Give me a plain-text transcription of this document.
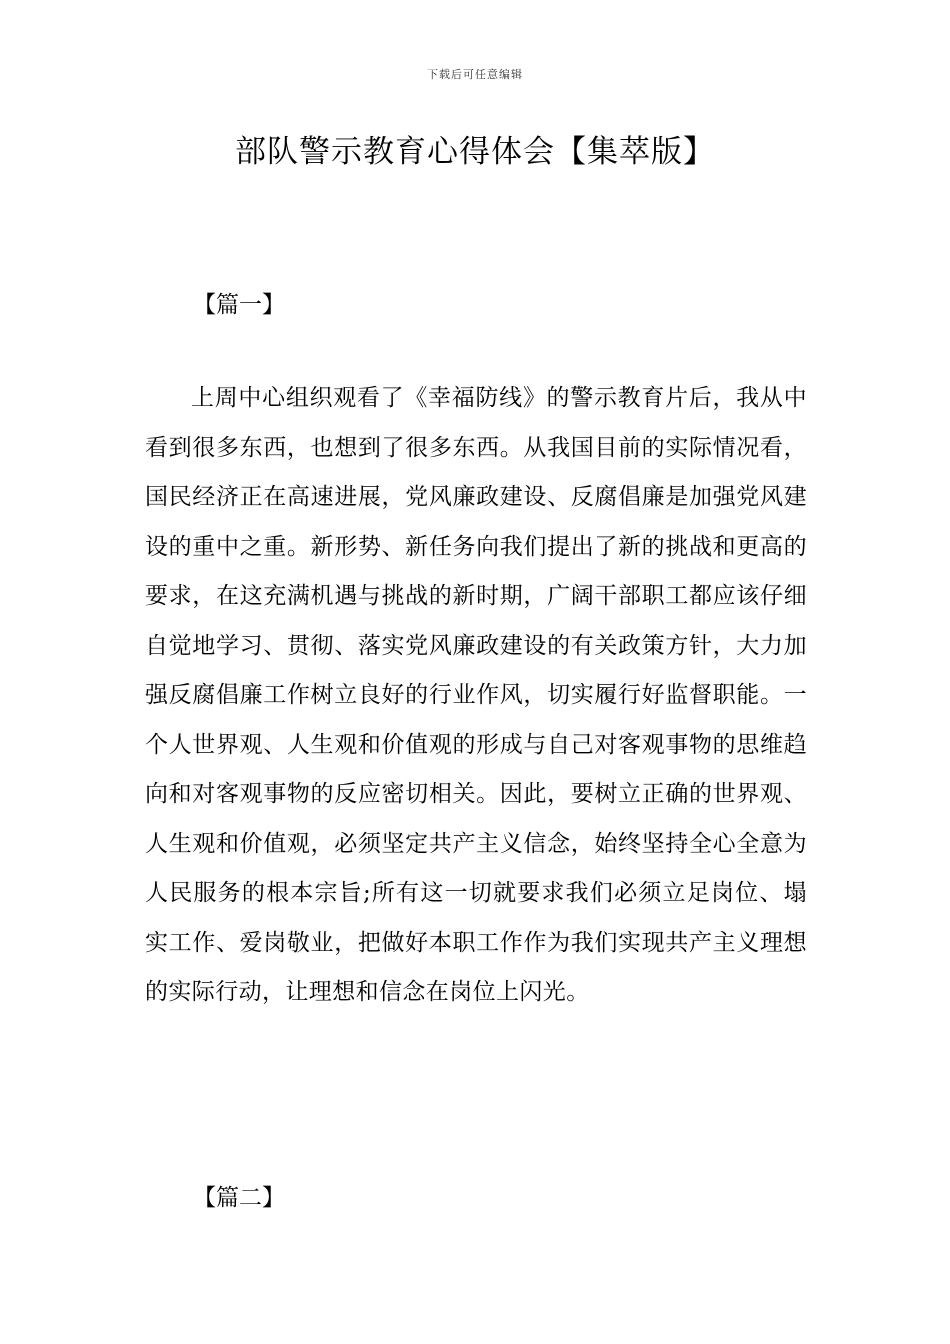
下载后可任意编辑
部队警示教育心得体会【集萃版】
【篇一】

上周中心组织观看了《幸福防线》的警示教育片后，我从中看到很多东西，也想到了很多东西。从我国目前的实际情况看，国民经济正在高速进展，党风廉政建设、反腐倡廉是加强党风建设的重中之重。新形势、新任务向我们提出了新的挑战和更高的要求，在这充满机遇与挑战的新时期，广阔干部职工都应该仔细自觉地学习、贯彻、落实党风廉政建设的有关政策方针，大力加强反腐倡廉工作树立良好的行业作风，切实履行好监督职能。一个人世界观、人生观和价值观的形成与自己对客观事物的思维趋向和对客观事物的反应密切相关。因此，要树立正确的世界观、人生观和价值观，必须坚定共产主义信念，始终坚持全心全意为人民服务的根本宗旨;所有这一切就要求我们必须立足岗位、塌实工作、爱岗敬业，把做好本职工作作为我们实现共产主义理想的实际行动，让理想和信念在岗位上闪光。

【篇二】
